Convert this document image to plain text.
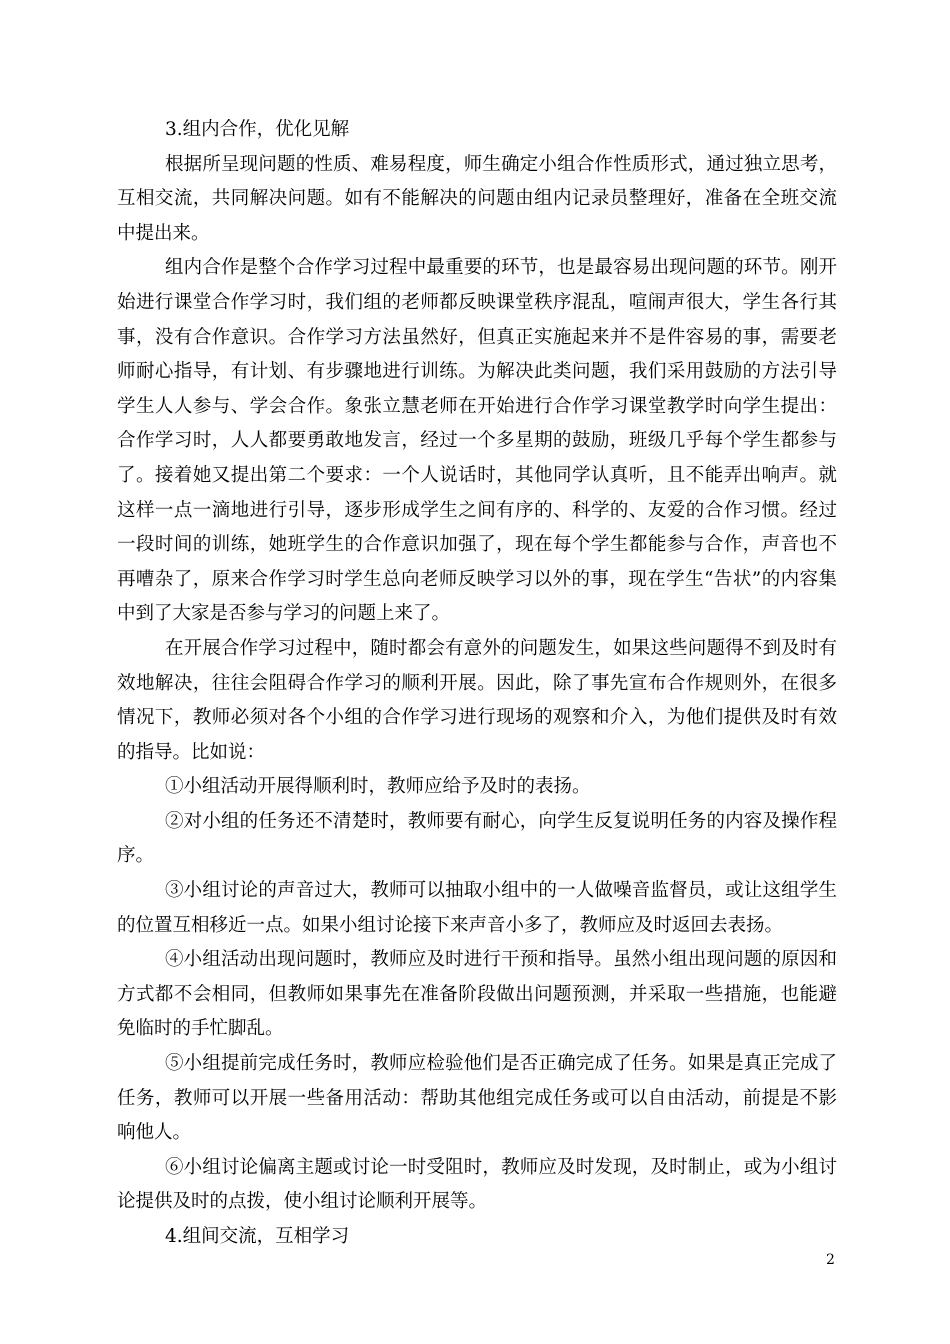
3.组内合作，优化见解

根据所呈现问题的性质、难易程度，师生确定小组合作性质形式，通过独立思考，互相交流，共同解决问题。如有不能解决的问题由组内记录员整理好，准备在全班交流中提出来。

组内合作是整个合作学习过程中最重要的环节，也是最容易出现问题的环节。刚开始进行课堂合作学习时，我们组的老师都反映课堂秩序混乱，喧闹声很大，学生各行其事，没有合作意识。合作学习方法虽然好，但真正实施起来并不是件容易的事，需要老师耐心指导，有计划、有步骤地进行训练。为解决此类问题，我们采用鼓励的方法引导学生人人参与、学会合作。象张立慧老师在开始进行合作学习课堂教学时向学生提出：合作学习时，人人都要勇敢地发言，经过一个多星期的鼓励，班级几乎每个学生都参与了。接着她又提出第二个要求：一个人说话时，其他同学认真听，且不能弄出响声。就这样一点一滴地进行引导，逐步形成学生之间有序的、科学的、友爱的合作习惯。经过一段时间的训练，她班学生的合作意识加强了，现在每个学生都能参与合作，声音也不再嘈杂了，原来合作学习时学生总向老师反映学习以外的事，现在学生“告状”的内容集中到了大家是否参与学习的问题上来了。

在开展合作学习过程中，随时都会有意外的问题发生，如果这些问题得不到及时有效地解决，往往会阻碍合作学习的顺利开展。因此，除了事先宣布合作规则外，在很多情况下，教师必须对各个小组的合作学习进行现场的观察和介入，为他们提供及时有效的指导。比如说：

①小组活动开展得顺利时，教师应给予及时的表扬。

②对小组的任务还不清楚时，教师要有耐心，向学生反复说明任务的内容及操作程序。

③小组讨论的声音过大，教师可以抽取小组中的一人做噪音监督员，或让这组学生的位置互相移近一点。如果小组讨论接下来声音小多了，教师应及时返回去表扬。

④小组活动出现问题时，教师应及时进行干预和指导。虽然小组出现问题的原因和方式都不会相同，但教师如果事先在准备阶段做出问题预测，并采取一些措施，也能避免临时的手忙脚乱。

⑤小组提前完成任务时，教师应检验他们是否正确完成了任务。如果是真正完成了任务，教师可以开展一些备用活动：帮助其他组完成任务或可以自由活动，前提是不影响他人。

⑥小组讨论偏离主题或讨论一时受阻时，教师应及时发现，及时制止，或为小组讨论提供及时的点拨，使小组讨论顺利开展等。

4.组间交流，互相学习

2
